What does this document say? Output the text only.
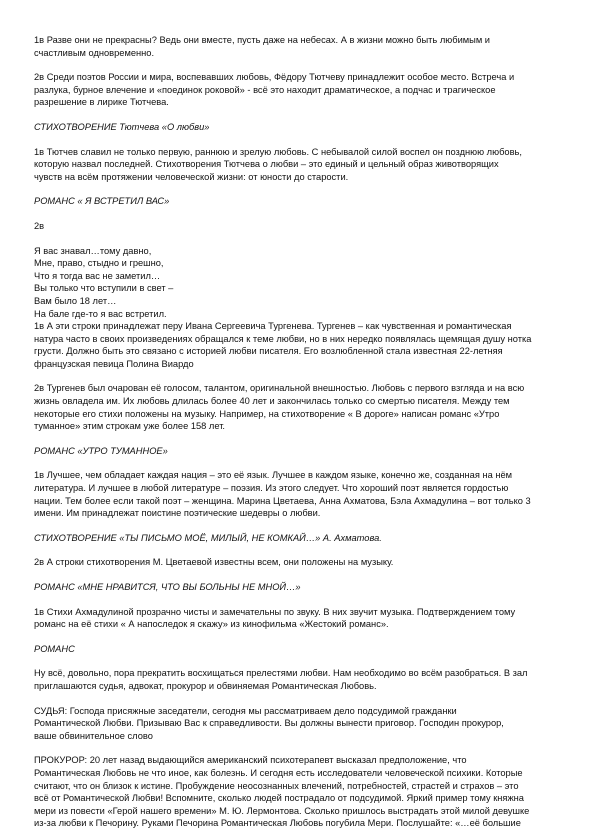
1в Разве они не прекрасны? Ведь они вместе, пусть даже на небесах. А в жизни можно быть любимым и
счастливым одновременно.

2в Среди поэтов России и мира, воспевавших любовь, Фёдору Тютчеву принадлежит особое место. Встреча и
разлука, бурное влечение и «поединок роковой» - всё это находит драматическое, а подчас и трагическое
разрешение в лирике Тютчева.

СТИХОТВОРЕНИЕ Тютчева «О любви»

1в Тютчев славил не только первую, раннюю и зрелую любовь. С небывалой силой воспел он позднюю любовь,
которую назвал последней. Стихотворения Тютчева о любви – это единый и цельный образ животворящих
чувств на всём протяжении человеческой жизни: от юности до старости.

РОМАНС « Я ВСТРЕТИЛ ВАС»

2в

Я вас знавал…тому давно,
Мне, право, стыдно и грешно,
Что я тогда вас не заметил…
Вы только что вступили в свет –
Вам было 18 лет…
На бале где-то я вас встретил.

1в А эти строки принадлежат перу Ивана Сергеевича Тургенева. Тургенев – как чувственная и романтическая
натура часто в своих произведениях обращался к теме любви, но в них нередко появлялась щемящая душу нотка
грусти. Должно быть это связано с историей любви писателя. Его возлюбленной стала известная 22-летняя
французская певица Полина Виардо

2в Тургенев был очарован её голосом, талантом, оригинальной внешностью. Любовь с первого взгляда и на всю
жизнь овладела им. Их любовь длилась более 40 лет и закончилась только со смертью писателя. Между тем
некоторые его стихи положены на музыку. Например, на стихотворение « В дороге» написан романс «Утро
туманное» этим строкам уже более 158 лет.

РОМАНС «УТРО ТУМАННОЕ»

1в Лучшее, чем обладает каждая нация – это её язык. Лучшее в каждом языке, конечно же, созданная на нём
литература. И лучшее в любой литературе – поэзия. Из этого следует. Что хороший поэт является гордостью
нации. Тем более если такой поэт – женщина. Марина Цветаева, Анна Ахматова, Бэла Ахмадулина – вот только 3
имени. Им принадлежат поистине поэтические шедевры о любви.

СТИХОТВОРЕНИЕ «ТЫ ПИСЬМО МОЁ, МИЛЫЙ, НЕ КОМКАЙ…» А. Ахматова.

2в А строки стихотворения М. Цветаевой известны всем, они положены на музыку.

РОМАНС «МНЕ НРАВИТСЯ, ЧТО ВЫ БОЛЬНЫ НЕ МНОЙ…»

1в Стихи Ахмадулиной прозрачно чисты и замечательны по звуку. В них звучит музыка. Подтверждением тому
романс на её стихи « А напоследок я скажу» из кинофильма «Жестокий романс».

РОМАНС

Ну всё, довольно, пора прекратить восхищаться прелестями любви. Нам необходимо во всём разобраться. В зал
приглашаются судья, адвокат, прокурор и обвиняемая Романтическая Любовь.

СУДЬЯ: Господа присяжные заседатели, сегодня мы рассматриваем дело подсудимой гражданки
Романтической Любви. Призываю Вас к справедливости. Вы должны вынести приговор. Господин прокурор,
ваше обвинительное слово

ПРОКУРОР: 20 лет назад выдающийся американский психотерапевт высказал предположение, что
Романтическая Любовь не что иное, как болезнь. И сегодня есть исследователи человеческой психики. Которые
считают, что он близок к истине. Пробуждение неосознанных влечений, потребностей, страстей и страхов – это
всё от Романтической Любви! Вспомните, сколько людей пострадало от подсудимой. Яркий пример тому княжна
мери из повести «Герой нашего времени» М. Ю. Лермонтова. Сколько пришлось выстрадать этой милой девушке
из-за любви к Печорину. Руками Печорина Романтическая Любовь погубила Мери. Послушайте: «…её большие
